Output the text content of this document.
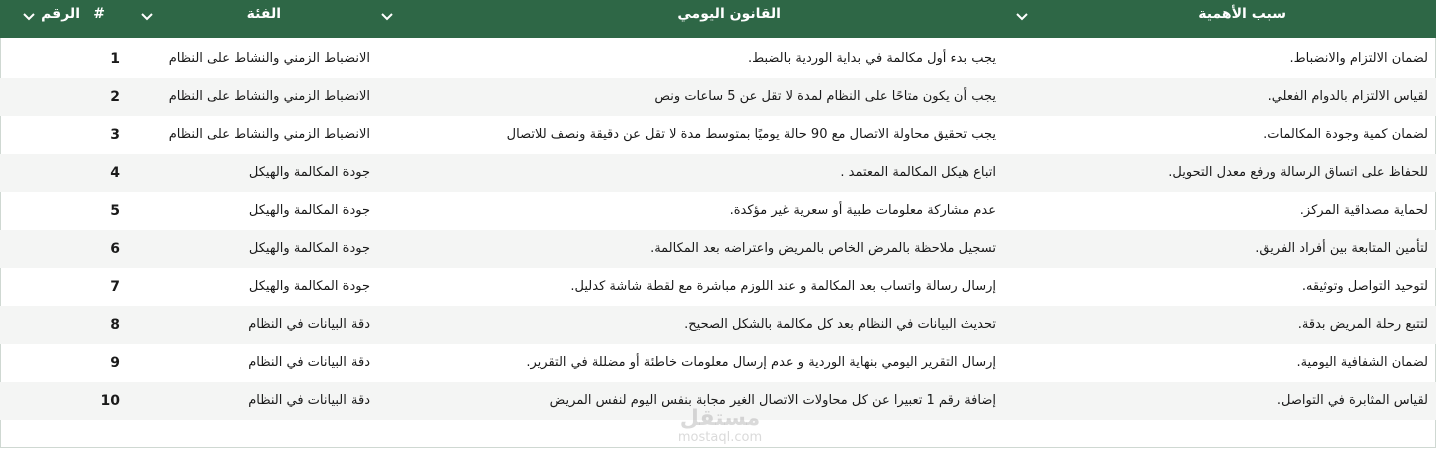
سبب الأهمية
القانون اليومي
الفئة
الرقم #
لضمان الالتزام والانضباط.
يجب بدء أول مكالمة في بداية الوردية بالضبط.
الانضباط الزمني والنشاط على النظام
1
لقياس الالتزام بالدوام الفعلي.
يجب أن يكون متاحًا على النظام لمدة لا تقل عن 5 ساعات ونص
الانضباط الزمني والنشاط على النظام
2
لضمان كمية وجودة المكالمات.
يجب تحقيق محاولة الاتصال مع 90 حالة يوميًا بمتوسط مدة لا تقل عن دقيقة ونصف للاتصال
الانضباط الزمني والنشاط على النظام
3
للحفاظ على اتساق الرسالة ورفع معدل التحويل.
اتباع هيكل المكالمة المعتمد .
جودة المكالمة والهيكل
4
لحماية مصداقية المركز.
عدم مشاركة معلومات طبية أو سعرية غير مؤكدة.
جودة المكالمة والهيكل
5
لتأمين المتابعة بين أفراد الفريق.
تسجيل ملاحظة بالمرض الخاص بالمريض واعتراضه بعد المكالمة.
جودة المكالمة والهيكل
6
لتوحيد التواصل وتوثيقه.
إرسال رسالة واتساب بعد المكالمة و عند اللوزم مباشرة مع لقطة شاشة كدليل.
جودة المكالمة والهيكل
7
لتتبع رحلة المريض بدقة.
تحديث البيانات في النظام بعد كل مكالمة بالشكل الصحيح.
دقة البيانات في النظام
8
لضمان الشفافية اليومية.
إرسال التقرير اليومي بنهاية الوردية و عدم إرسال معلومات خاطئة أو مضللة في التقرير.
دقة البيانات في النظام
9
لقياس المثابرة في التواصل.
إضافة رقم 1 تعبيرا عن كل محاولات الاتصال الغير مجابة بنفس اليوم لنفس المريض
دقة البيانات في النظام
10
مستقل
mostaql.com
